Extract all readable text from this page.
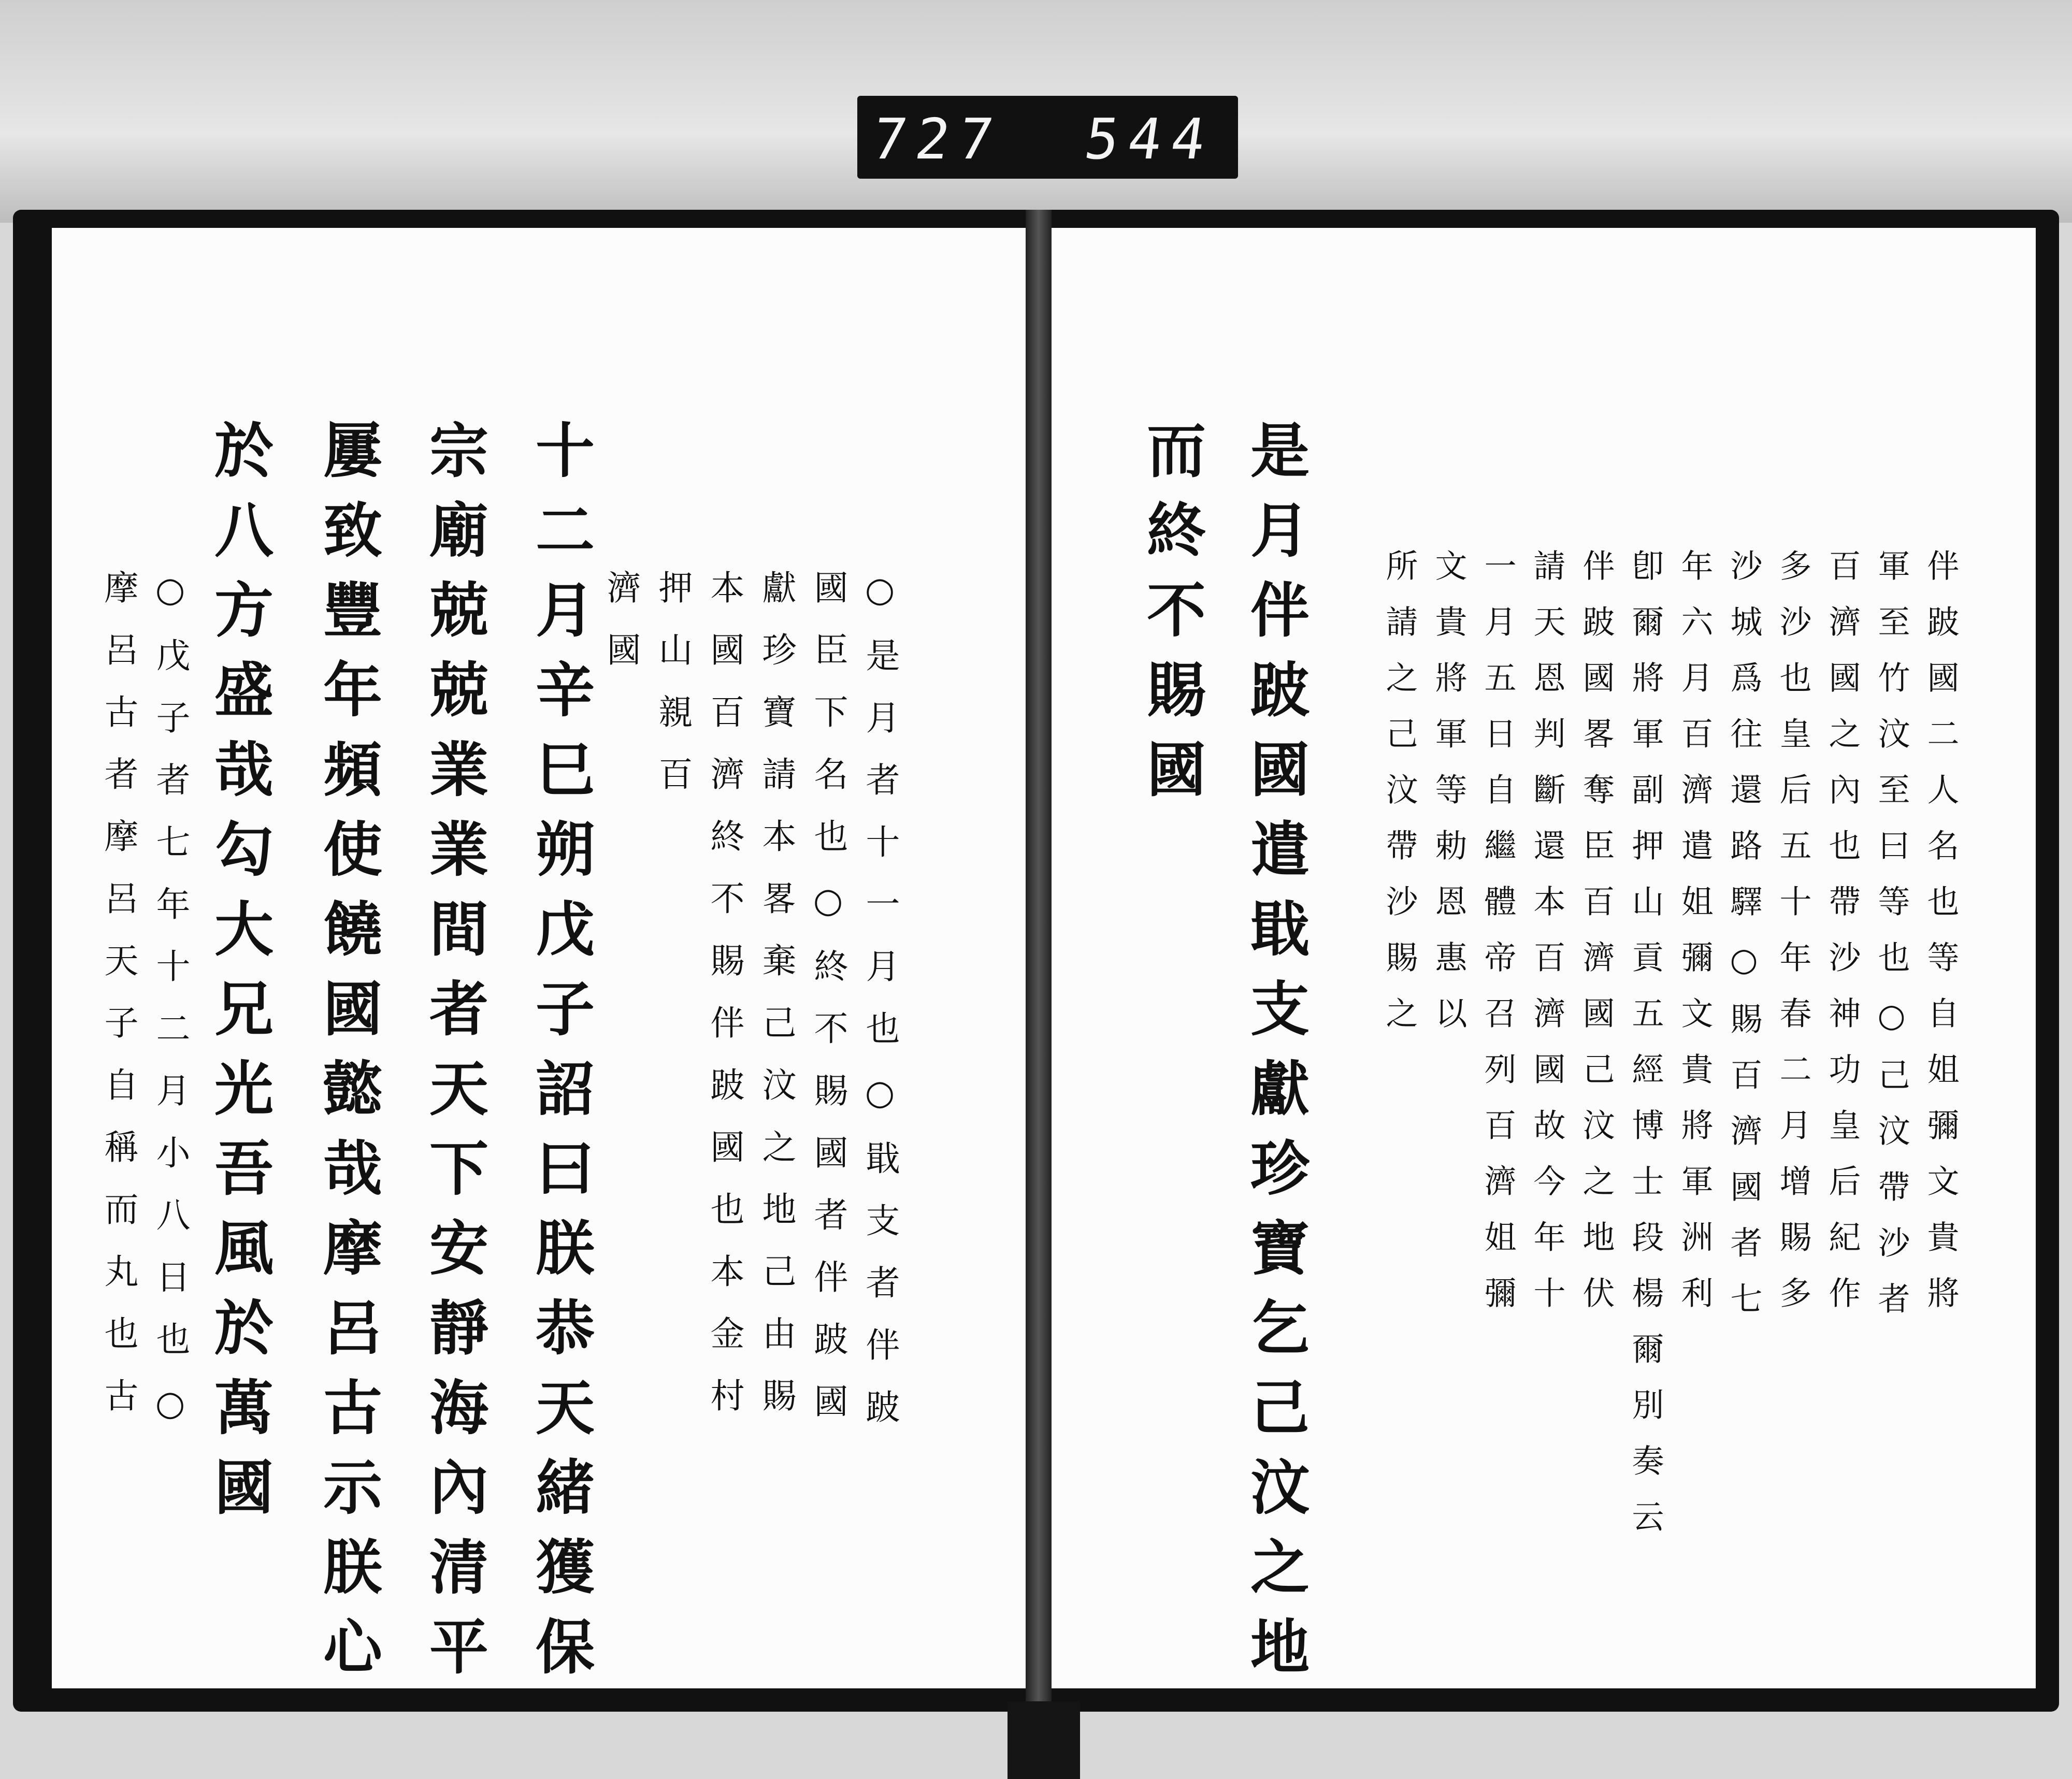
727 544
十二月辛巳朔戊子詔曰朕恭天緒獲保
宗廟兢兢業業間者天下安靜海內清平
屢致豐年頻使饒國懿哉摩呂古示朕心
於八方盛哉勾大兄光吾風於萬國	○是月者十一月也○戢支者伴跛
國臣下名也○終不賜國者伴跛國
獻珍寶請本畧棄己汶之地己由賜
本國百濟終不賜伴跛國也本金村
押山親百
濟國
○戊子者七年十二月小八日也○
摩呂古者摩呂天子自稱而丸也古	是月伴跛國遣戢支獻珍寶乞己汶之地
而終不賜國	伴跛國二人名也等自姐彌文貴將
軍至竹汶至曰等也○己汶帶沙者
百濟國之內也帶沙神功皇后紀作
多沙也皇后五十年春二月增賜多
沙城爲往還路驛○賜百濟國者七
年六月百濟遣姐彌文貴將軍洲利
卽爾將軍副押山貢五經博士段楊爾別奏云
伴跛國畧奪臣百濟國己汶之地伏
請天恩判斷還本百濟國故今年十
一月五日自繼體帝召列百濟姐彌
文貴將軍等勅恩惠以
所請之己汶帶沙賜之
